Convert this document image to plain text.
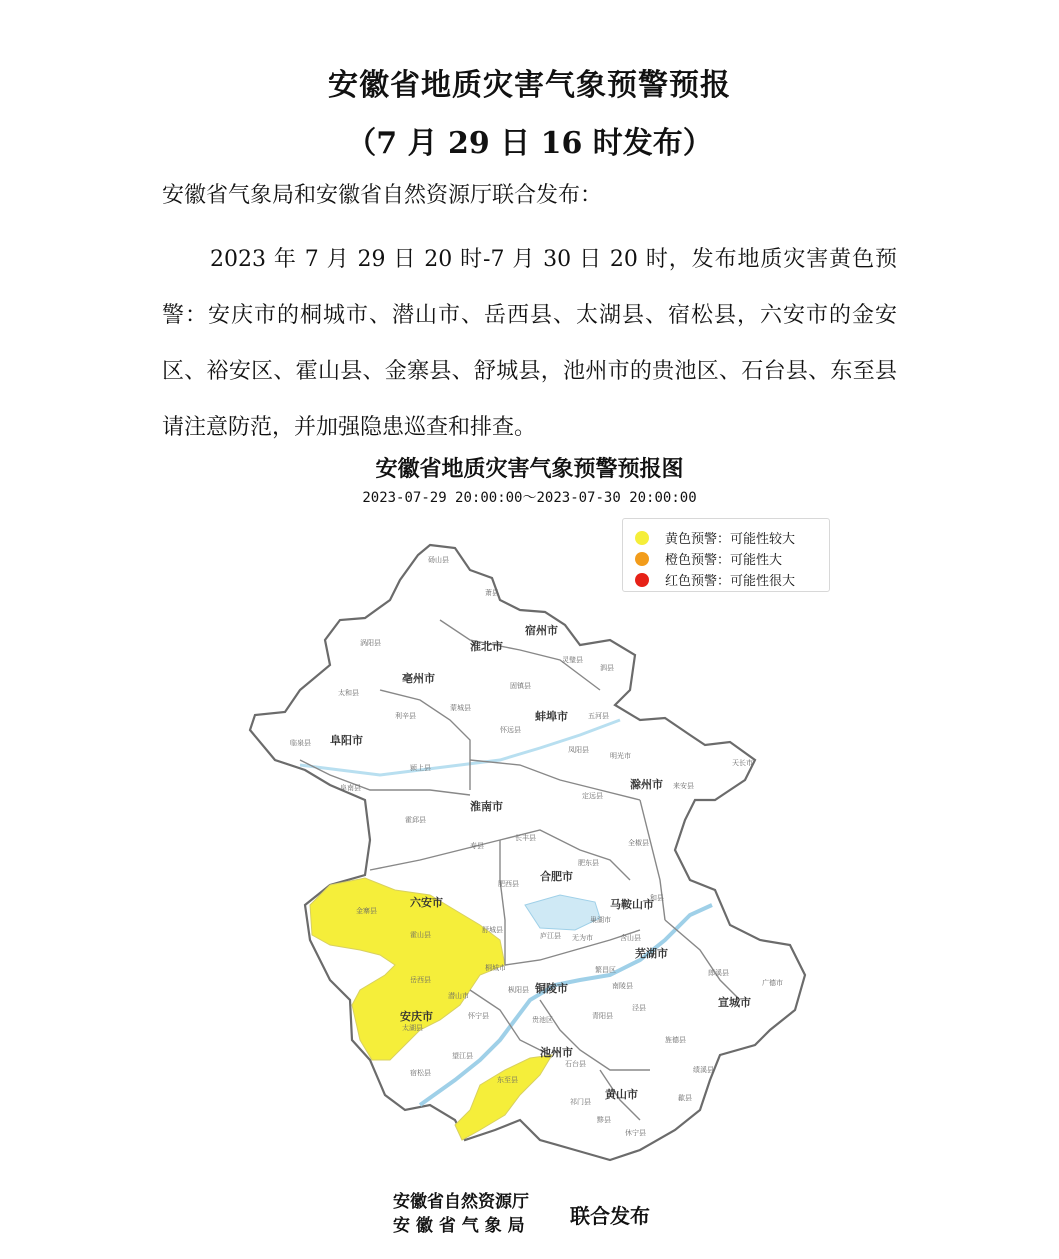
安徽省地质灾害气象预警预报
（7 月 29 日 16 时发布）
安徽省气象局和安徽省自然资源厅联合发布：
2023 年 7 月 29 日 20 时-7 月 30 日 20 时，发布地质灾害黄色预警：安庆市的桐城市、潜山市、岳西县、太湖县、宿松县，六安市的金安区、裕安区、霍山县、金寨县、舒城县，池州市的贵池区、石台县、东至县请注意防范，并加强隐患巡查和排查。
安徽省地质灾害气象预警预报图
2023-07-29 20:00:00～2023-07-30 20:00:00
宿州市
淮北市
亳州市
阜阳市
蚌埠市
淮南市
滁州市
合肥市
六安市	马鞍山市
芜湖市
铜陵市
宣城市
安庆市
池州市
黄山市
砀山县
萧县
涡阳县
蒙城县
利辛县
临泉县
太和县
阜南县
颍上县
寿县
霍邱县
金寨县
霍山县
舒城县
岳西县
太湖县
宿松县
望江县
怀宁县
潜山市
桐城市
东至县
石台县
贵池区	青阳县
祁门县
黟县
休宁县
歙县
绩溪县
旌德县
泾县
广德市
郎溪县
天长市
来安县
全椒县
定远县
凤阳县
明光市
五河县
固镇县
怀远县
灵璧县
泗县
庐江县 无为市
巢湖市
肥东县
肥西县
长丰县
含山县
和县
繁昌区
南陵县
枞阳县
黄色预警：可能性较大
橙色预警：可能性大
红色预警：可能性很大
安徽省自然资源厅
安 徽 省 气 象 局 联合发布
